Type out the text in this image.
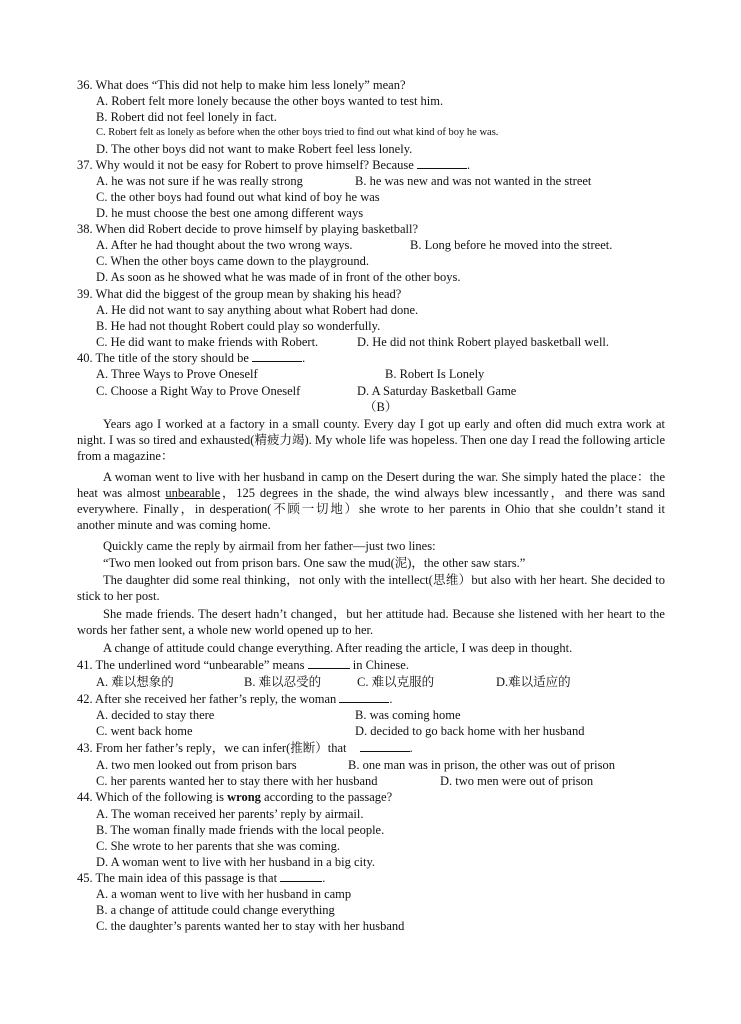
36. What does “This did not help to make him less lonely” mean?
A. Robert felt more lonely because the other boys wanted to test him.
B. Robert did not feel lonely in fact.
C. Robert felt as lonely as before when the other boys tried to find out what kind of boy he was.
D. The other boys did not want to make Robert feel less lonely.
37. Why would it not be easy for Robert to prove himself? Because	.
A. he was not sure if he was really strong	B. he was new and was not wanted in the street
C. the other boys had found out what kind of boy he was
D. he must choose the best one among different ways
38. When did Robert decide to prove himself by playing basketball?
A. After he had thought about the two wrong ways.	B. Long before he moved into the street.
C. When the other boys came down to the playground.
D. As soon as he showed what he was made of in front of the other boys.
39. What did the biggest of the group mean by shaking his head?
A. He did not want to say anything about what Robert had done.
B. He had not thought Robert could play so wonderfully.
C. He did want to make friends with Robert.	D. He did not think Robert played basketball well.
40. The title of the story should be	.
A. Three Ways to Prove Oneself	B. Robert Is Lonely
C. Choose a Right Way to Prove Oneself	D. A Saturday Basketball Game
（B）
Years ago I worked at a factory in a small county. Every day I got up early and often did much extra work at night. I was so tired and exhausted(精疲力竭). My whole life was hopeless. Then one day I read the following article from a magazine：
A woman went to live with her husband in camp on the Desert during the war. She simply hated the place：the heat was almost unbearable，125 degrees in the shade, the wind always blew incessantly，and there was sand everywhere. Finally，in desperation(不顾一切地）she wrote to her parents in Ohio that she couldn’t stand it another minute and was coming home.
Quickly came the reply by airmail from her father—just two lines:
“Two men looked out from prison bars. One saw the mud(泥)，the other saw stars.”
The daughter did some real thinking，not only with the intellect(思维）but also with her heart. She decided to stick to her post.
She made friends. The desert hadn’t changed，but her attitude had. Because she listened with her heart to the words her father sent, a whole new world opened up to her.
A change of attitude could change everything. After reading the article, I was deep in thought.
41. The underlined word “unbearable” means	in Chinese.
A. 难以想象的	B. 难以忍受的	C. 难以克服的	D.难以适应的
42. After she received her father’s reply, the woman	.
A. decided to stay there	B. was coming home
C. went back home	D. decided to go back home with her husband
43. From her father’s reply，we can infer(推断）that	.
A. two men looked out from prison bars	B. one man was in prison, the other was out of prison
C. her parents wanted her to stay there with her husband	D. two men were out of prison
44. Which of the following is wrong according to the passage?
A. The woman received her parents’ reply by airmail.
B. The woman finally made friends with the local people.
C. She wrote to her parents that she was coming.
D. A woman went to live with her husband in a big city.
45. The main idea of this passage is that	.
A. a woman went to live with her husband in camp
B. a change of attitude could change everything
C. the daughter’s parents wanted her to stay with her husband
